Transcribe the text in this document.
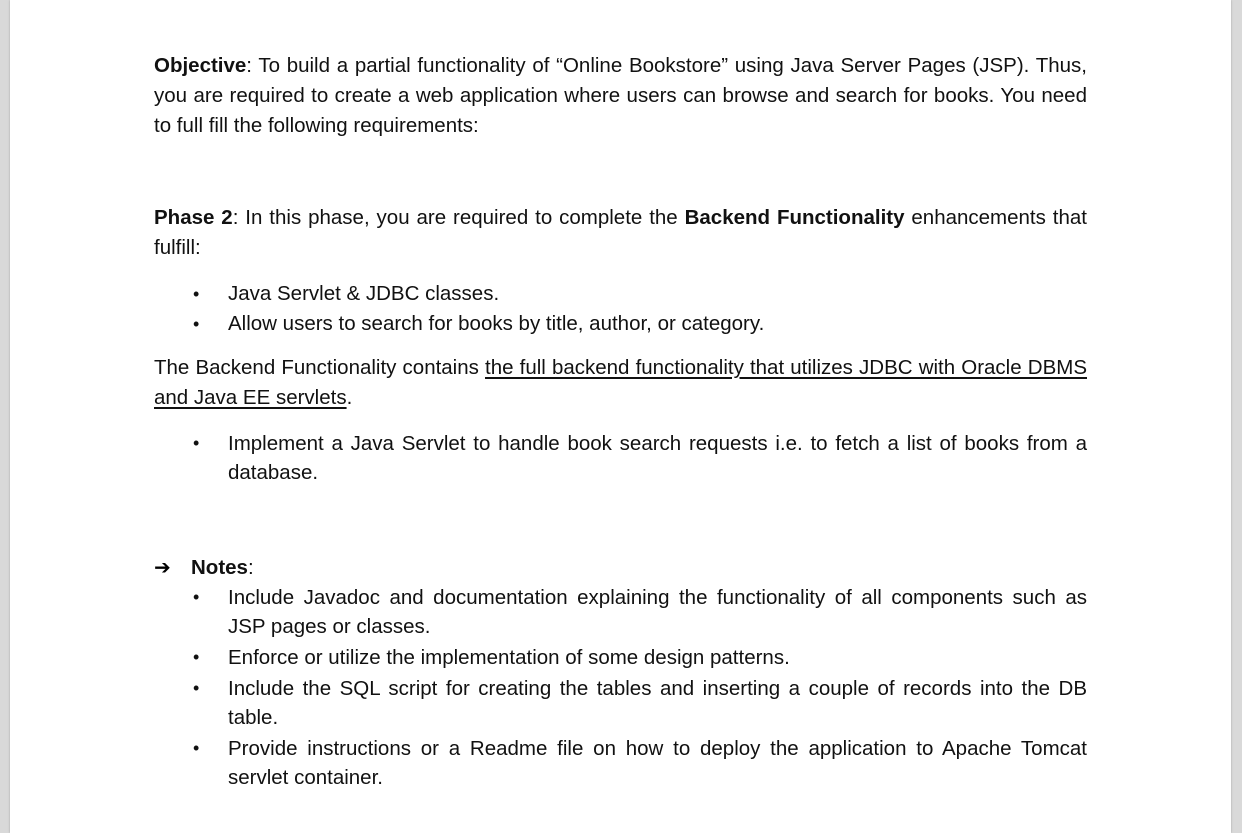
Objective: To build a partial functionality of “Online Bookstore” using Java Server Pages (JSP). Thus, you are required to create a web application where users can browse and search for books. You need to full fill the following requirements:

Phase 2: In this phase, you are required to complete the Backend Functionality enhancements that fulfill:

• Java Servlet & JDBC classes.
• Allow users to search for books by title, author, or category.

The Backend Functionality contains the full backend functionality that utilizes JDBC with Oracle DBMS and Java EE servlets.

• Implement a Java Servlet to handle book search requests i.e. to fetch a list of books from a database.
➔ Notes :
• Include Javadoc and documentation explaining the functionality of all components such as JSP pages or classes.
• Enforce or utilize the implementation of some design patterns.
• Include the SQL script for creating the tables and inserting a couple of records into the DB table.
• Provide instructions or a Readme file on how to deploy the application to Apache Tomcat servlet container.
